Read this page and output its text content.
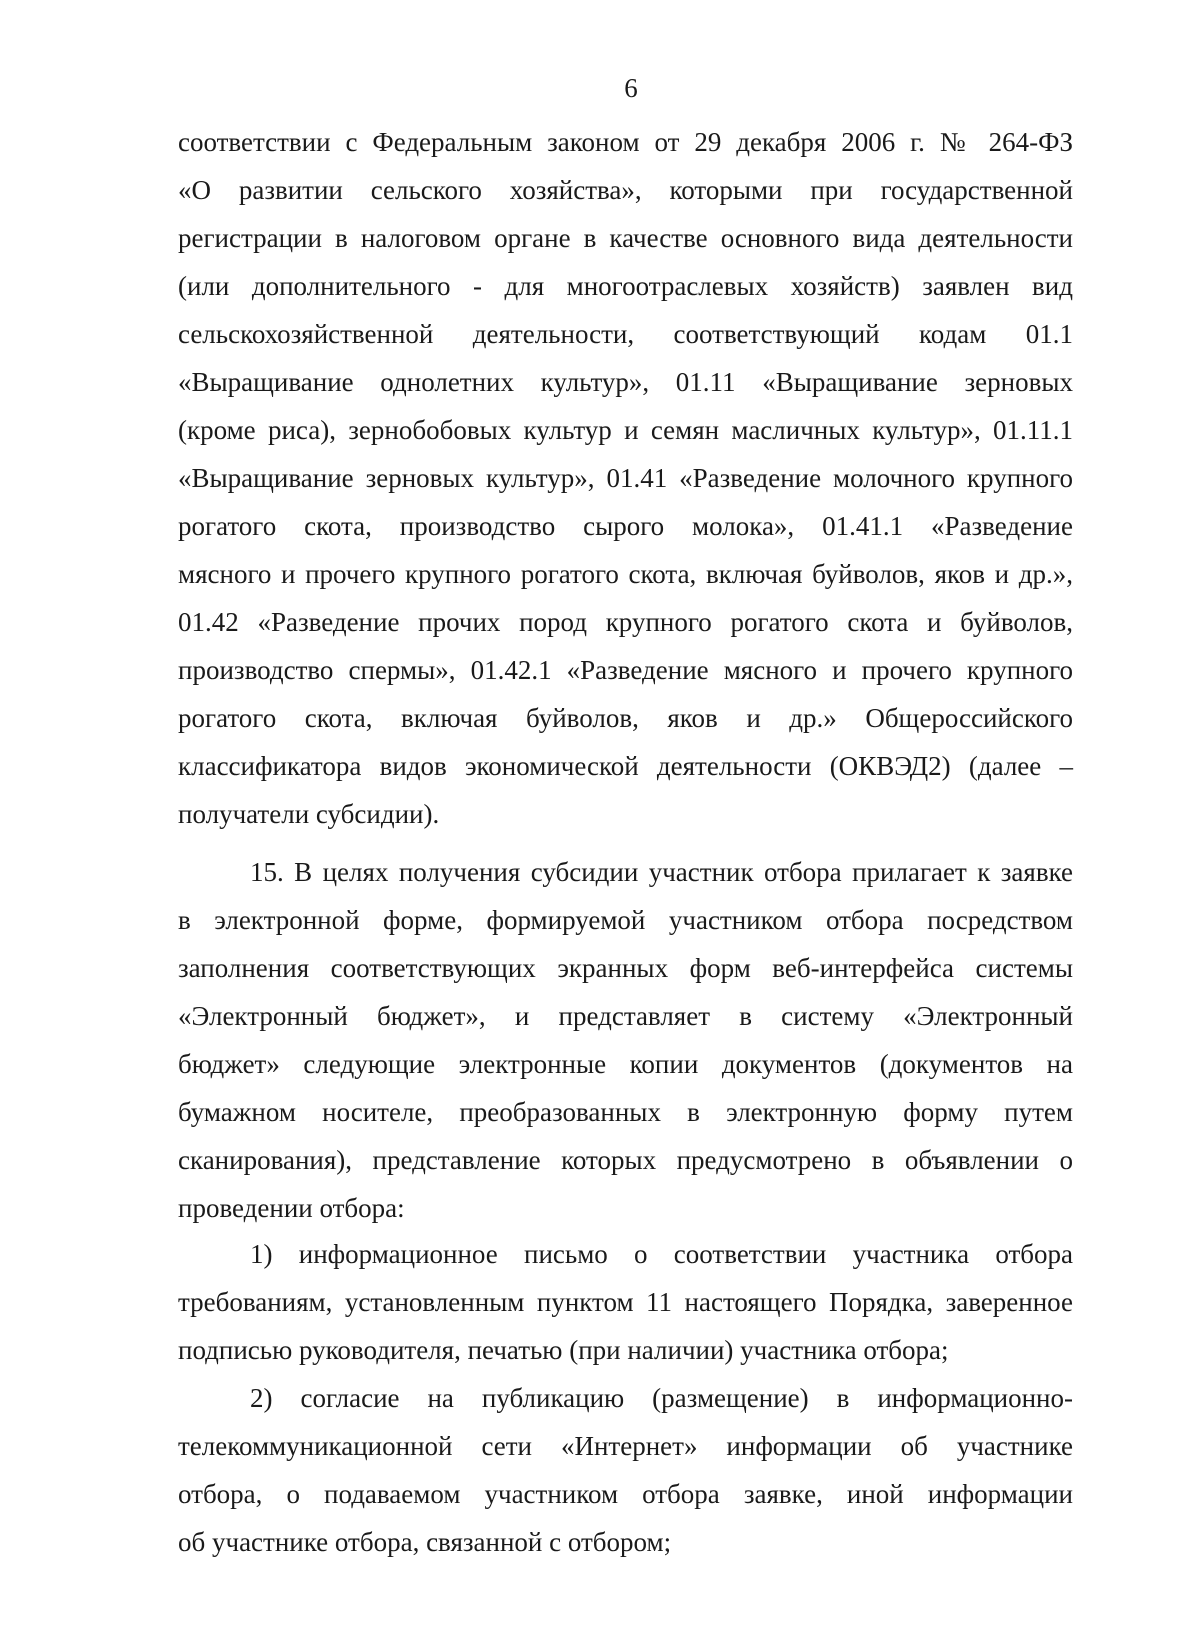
6
соответствии с Федеральным законом от 29 декабря 2006 г. № 264-ФЗ
«О развитии сельского хозяйства», которыми при государственной
регистрации в налоговом органе в качестве основного вида деятельности
(или дополнительного - для многоотраслевых хозяйств) заявлен вид
сельскохозяйственной деятельности, соответствующий кодам 01.1
«Выращивание однолетних культур», 01.11 «Выращивание зерновых
(кроме риса), зернобобовых культур и семян масличных культур», 01.11.1
«Выращивание зерновых культур», 01.41 «Разведение молочного крупного
рогатого скота, производство сырого молока», 01.41.1 «Разведение
мясного и прочего крупного рогатого скота, включая буйволов, яков и др.»,
01.42 «Разведение прочих пород крупного рогатого скота и буйволов,
производство спермы», 01.42.1 «Разведение мясного и прочего крупного
рогатого скота, включая буйволов, яков и др.» Общероссийского
классификатора видов экономической деятельности (ОКВЭД2) (далее –
получатели субсидии).
15. В целях получения субсидии участник отбора прилагает к заявке
в электронной форме, формируемой участником отбора посредством
заполнения соответствующих экранных форм веб-интерфейса системы
«Электронный бюджет», и представляет в систему «Электронный
бюджет» следующие электронные копии документов (документов на
бумажном носителе, преобразованных в электронную форму путем
сканирования), представление которых предусмотрено в объявлении о
проведении отбора:
1) информационное письмо о соответствии участника отбора
требованиям, установленным пунктом 11 настоящего Порядка, заверенное
подписью руководителя, печатью (при наличии) участника отбора;
2) согласие на публикацию (размещение) в информационно-
телекоммуникационной сети «Интернет» информации об участнике
отбора, о подаваемом участником отбора заявке, иной информации
об участнике отбора, связанной с отбором;
